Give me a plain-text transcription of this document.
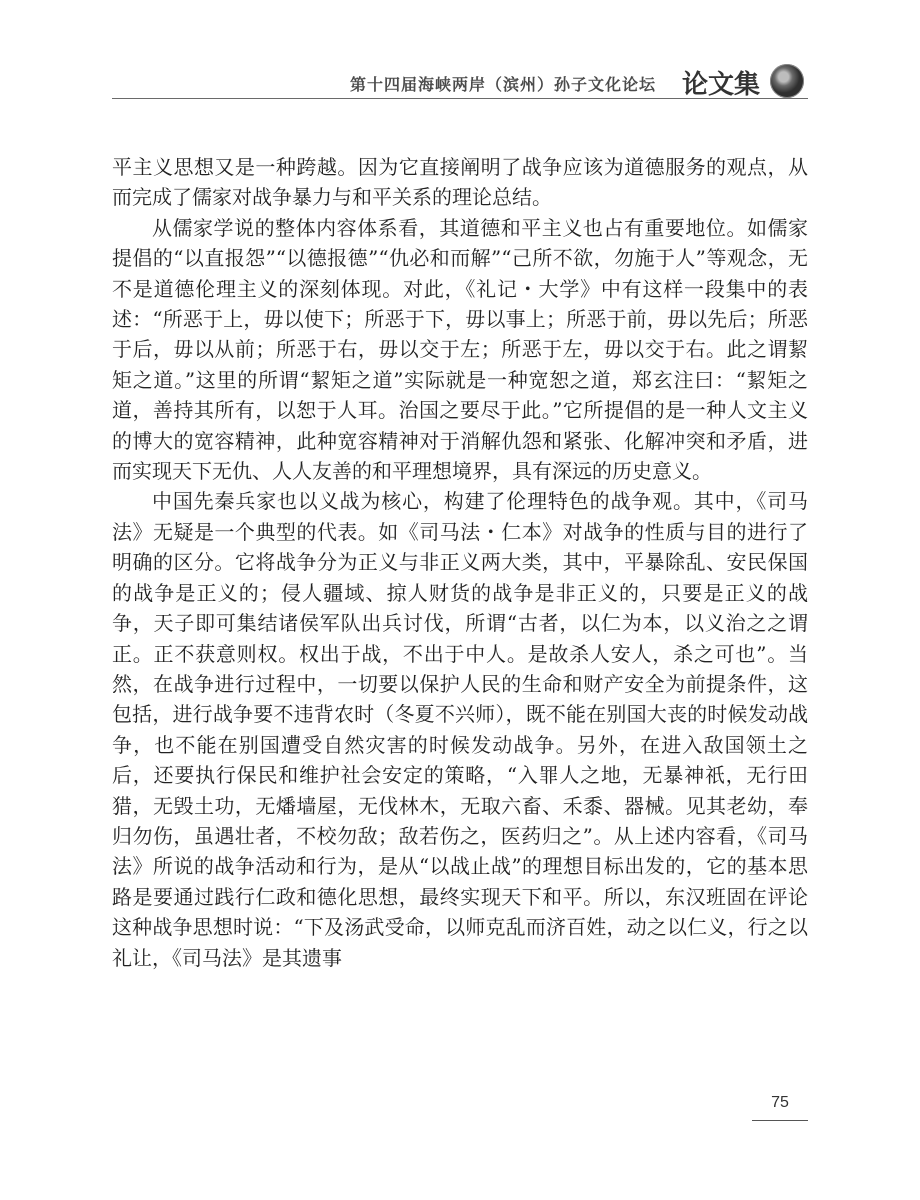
第十四届海峡两岸（滨州）孙子文化论坛 论文集

平主义思想又是一种跨越。因为它直接阐明了战争应该为道德服务的观点，从而完成了儒家对战争暴力与和平关系的理论总结。

从儒家学说的整体内容体系看，其道德和平主义也占有重要地位。如儒家提倡的“以直报怨”“以德报德”“仇必和而解”“己所不欲，勿施于人”等观念，无不是道德伦理主义的深刻体现。对此，《礼记・大学》中有这样一段集中的表述：“所恶于上，毋以使下；所恶于下，毋以事上；所恶于前，毋以先后；所恶于后，毋以从前；所恶于右，毋以交于左；所恶于左，毋以交于右。此之谓絜矩之道。”这里的所谓“絜矩之道”实际就是一种宽恕之道，郑玄注曰：“絜矩之道，善持其所有，以恕于人耳。治国之要尽于此。”它所提倡的是一种人文主义的博大的宽容精神，此种宽容精神对于消解仇怨和紧张、化解冲突和矛盾，进而实现天下无仇、人人友善的和平理想境界，具有深远的历史意义。

中国先秦兵家也以义战为核心，构建了伦理特色的战争观。其中，《司马法》无疑是一个典型的代表。如《司马法・仁本》对战争的性质与目的进行了明确的区分。它将战争分为正义与非正义两大类，其中，平暴除乱、安民保国的战争是正义的；侵人疆域、掠人财货的战争是非正义的，只要是正义的战争，天子即可集结诸侯军队出兵讨伐，所谓“古者，以仁为本，以义治之之谓正。正不获意则权。权出于战，不出于中人。是故杀人安人，杀之可也”。当然，在战争进行过程中，一切要以保护人民的生命和财产安全为前提条件，这包括，进行战争要不违背农时（冬夏不兴师），既不能在别国大丧的时候发动战争，也不能在别国遭受自然灾害的时候发动战争。另外，在进入敌国领土之后，还要执行保民和维护社会安定的策略，“入罪人之地，无暴神祇，无行田猎，无毁土功，无燔墙屋，无伐林木，无取六畜、禾黍、器械。见其老幼，奉归勿伤，虽遇壮者，不校勿敌；敌若伤之，医药归之”。从上述内容看，《司马法》所说的战争活动和行为，是从“以战止战”的理想目标出发的，它的基本思路是要通过践行仁政和德化思想，最终实现天下和平。所以，东汉班固在评论这种战争思想时说：“下及汤武受命，以师克乱而济百姓，动之以仁义，行之以礼让，《司马法》是其遗事

75
